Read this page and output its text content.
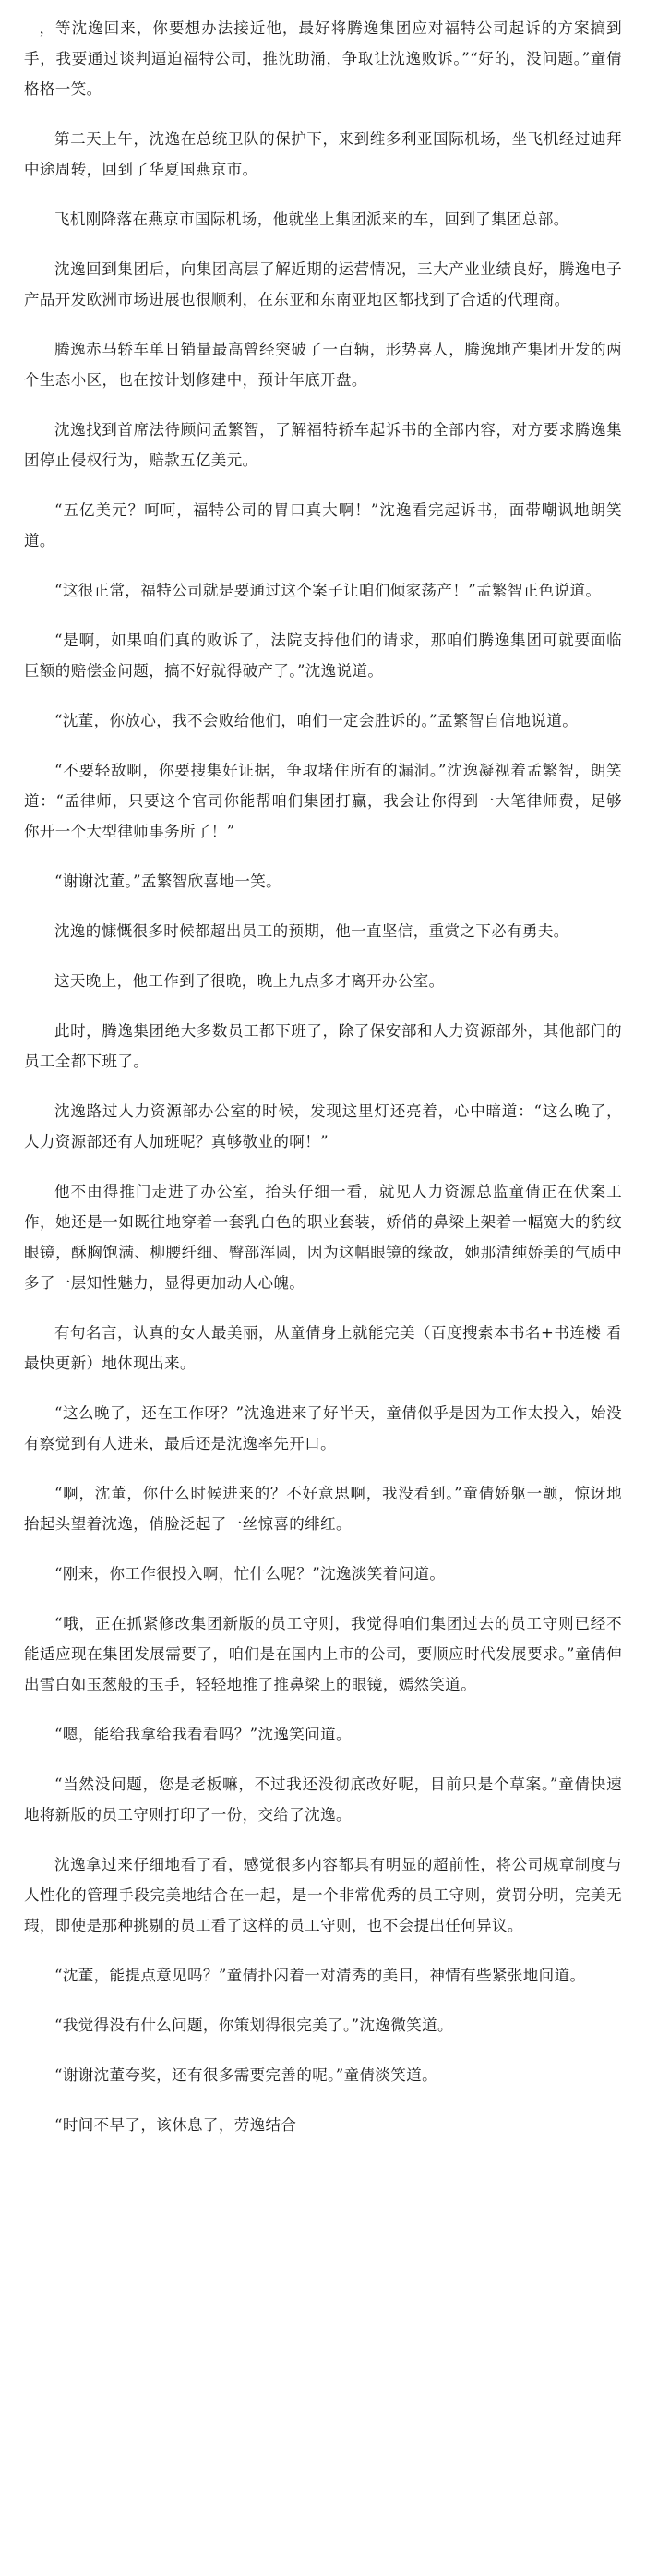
，等沈逸回来，你要想办法接近他，最好将腾逸集团应对福特公司起诉的方案搞到手，我要通过谈判逼迫福特公司，推沈助涌，争取让沈逸败诉。”“好的，没问题。”童倩格格一笑。

第二天上午，沈逸在总统卫队的保护下，来到维多利亚国际机场，坐飞机经过迪拜中途周转，回到了华夏国燕京市。

飞机刚降落在燕京市国际机场，他就坐上集团派来的车，回到了集团总部。

沈逸回到集团后，向集团高层了解近期的运营情况，三大产业业绩良好，腾逸电子产品开发欧洲市场进展也很顺利，在东亚和东南亚地区都找到了合适的代理商。

腾逸赤马轿车单日销量最高曾经突破了一百辆，形势喜人，腾逸地产集团开发的两个生态小区，也在按计划修建中，预计年底开盘。

沈逸找到首席法待顾问孟繁智，了解福特轿车起诉书的全部内容，对方要求腾逸集团停止侵权行为，赔款五亿美元。

“五亿美元？呵呵，福特公司的胃口真大啊！”沈逸看完起诉书，面带嘲讽地朗笑道。

“这很正常，福特公司就是要通过这个案子让咱们倾家荡产！”孟繁智正色说道。

“是啊，如果咱们真的败诉了，法院支持他们的请求，那咱们腾逸集团可就要面临巨额的赔偿金问题，搞不好就得破产了。”沈逸说道。

“沈董，你放心，我不会败给他们，咱们一定会胜诉的。”孟繁智自信地说道。

“不要轻敌啊，你要搜集好证据，争取堵住所有的漏洞。”沈逸凝视着孟繁智，朗笑道：“孟律师，只要这个官司你能帮咱们集团打赢，我会让你得到一大笔律师费，足够你开一个大型律师事务所了！”

“谢谢沈董。”孟繁智欣喜地一笑。

沈逸的慷慨很多时候都超出员工的预期，他一直坚信，重赏之下必有勇夫。

这天晚上，他工作到了很晚，晚上九点多才离开办公室。

此时，腾逸集团绝大多数员工都下班了，除了保安部和人力资源部外，其他部门的员工全都下班了。

沈逸路过人力资源部办公室的时候，发现这里灯还亮着，心中暗道：“这么晚了，人力资源部还有人加班呢？真够敬业的啊！”

他不由得推门走进了办公室，抬头仔细一看，就见人力资源总监童倩正在伏案工作，她还是一如既往地穿着一套乳白色的职业套装，娇俏的鼻梁上架着一幅宽大的豹纹眼镜，酥胸饱满、柳腰纤细、臀部浑圆，因为这幅眼镜的缘故，她那清纯娇美的气质中多了一层知性魅力，显得更加动人心魄。

有句名言，认真的女人最美丽，从童倩身上就能完美（百度搜索本书名+书连楼 看最快更新）地体现出来。

“这么晚了，还在工作呀？”沈逸进来了好半天，童倩似乎是因为工作太投入，始没有察觉到有人进来，最后还是沈逸率先开口。

“啊，沈董，你什么时候进来的？不好意思啊，我没看到。”童倩娇躯一颤，惊讶地抬起头望着沈逸，俏脸泛起了一丝惊喜的绯红。

“刚来，你工作很投入啊，忙什么呢？”沈逸淡笑着问道。

“哦，正在抓紧修改集团新版的员工守则，我觉得咱们集团过去的员工守则已经不能适应现在集团发展需要了，咱们是在国内上市的公司，要顺应时代发展要求。”童倩伸出雪白如玉葱般的玉手，轻轻地推了推鼻梁上的眼镜，嫣然笑道。

“嗯，能给我拿给我看看吗？”沈逸笑问道。

“当然没问题，您是老板嘛，不过我还没彻底改好呢，目前只是个草案。”童倩快速地将新版的员工守则打印了一份，交给了沈逸。

沈逸拿过来仔细地看了看，感觉很多内容都具有明显的超前性，将公司规章制度与人性化的管理手段完美地结合在一起，是一个非常优秀的员工守则，赏罚分明，完美无瑕，即使是那种挑剔的员工看了这样的员工守则，也不会提出任何异议。

“沈董，能提点意见吗？”童倩扑闪着一对清秀的美目，神情有些紧张地问道。

“我觉得没有什么问题，你策划得很完美了。”沈逸微笑道。

“谢谢沈董夸奖，还有很多需要完善的呢。”童倩淡笑道。

“时间不早了，该休息了，劳逸结合
